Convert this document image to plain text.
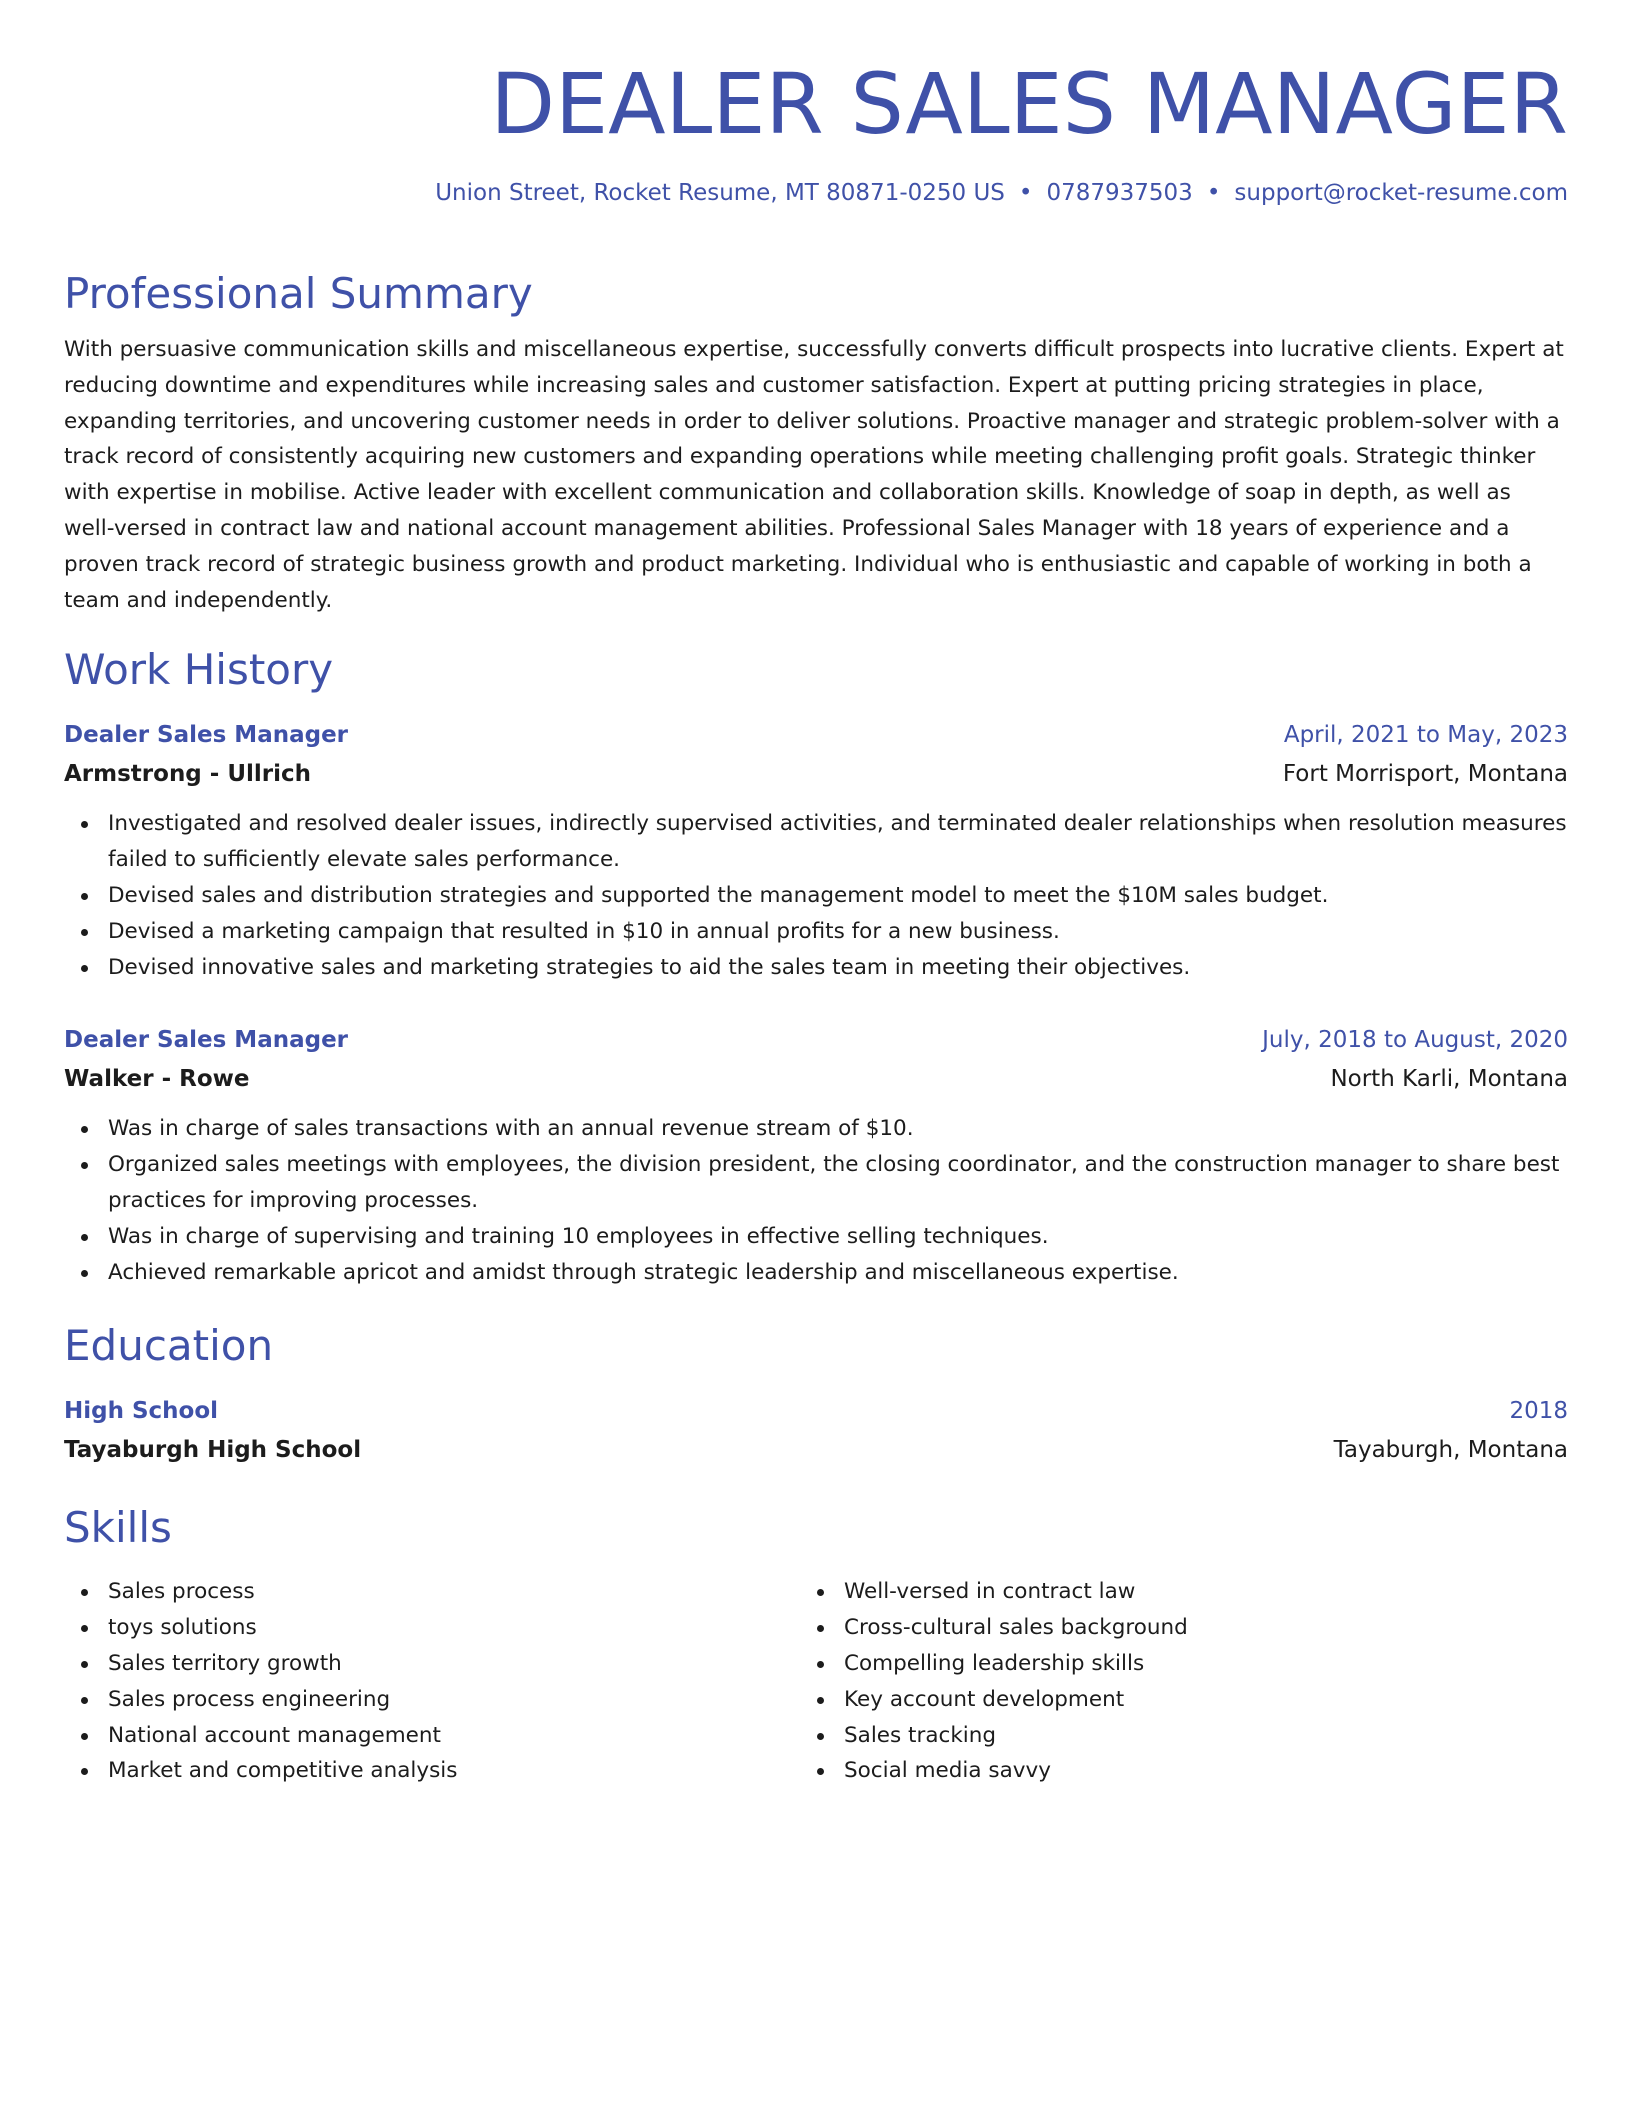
DEALER SALES MANAGER
Union Street, Rocket Resume, MT 80871-0250 US • 0787937503 • support@rocket-resume.com
Professional Summary

With persuasive communication skills and miscellaneous expertise, successfully converts difficult prospects into lucrative clients. Expert at reducing downtime and expenditures while increasing sales and customer satisfaction. Expert at putting pricing strategies in place, expanding territories, and uncovering customer needs in order to deliver solutions. Proactive manager and strategic problem-solver with a track record of consistently acquiring new customers and expanding operations while meeting challenging profit goals. Strategic thinker with expertise in mobilise. Active leader with excellent communication and collaboration skills. Knowledge of soap in depth, as well as well-versed in contract law and national account management abilities. Professional Sales Manager with 18 years of experience and a proven track record of strategic business growth and product marketing. Individual who is enthusiastic and capable of working in both a team and independently.

Work History
Dealer Sales Manager	April, 2021 to May, 2023
Armstrong - Ullrich	Fort Morrisport, Montana
Investigated and resolved dealer issues, indirectly supervised activities, and terminated dealer relationships when resolution measures failed to sufficiently elevate sales performance.
Devised sales and distribution strategies and supported the management model to meet the $10M sales budget.
Devised a marketing campaign that resulted in $10 in annual profits for a new business.
Devised innovative sales and marketing strategies to aid the sales team in meeting their objectives.
Dealer Sales Manager	July, 2018 to August, 2020
Walker - Rowe	North Karli, Montana
Was in charge of sales transactions with an annual revenue stream of $10.
Organized sales meetings with employees, the division president, the closing coordinator, and the construction manager to share best practices for improving processes.
Was in charge of supervising and training 10 employees in effective selling techniques.
Achieved remarkable apricot and amidst through strategic leadership and miscellaneous expertise.
Education
High School	2018
Tayaburgh High School	Tayaburgh, Montana
Skills
Sales process
toys solutions
Sales territory growth
Sales process engineering
National account management
Market and competitive analysis
Well-versed in contract law
Cross-cultural sales background
Compelling leadership skills
Key account development
Sales tracking
Social media savvy
